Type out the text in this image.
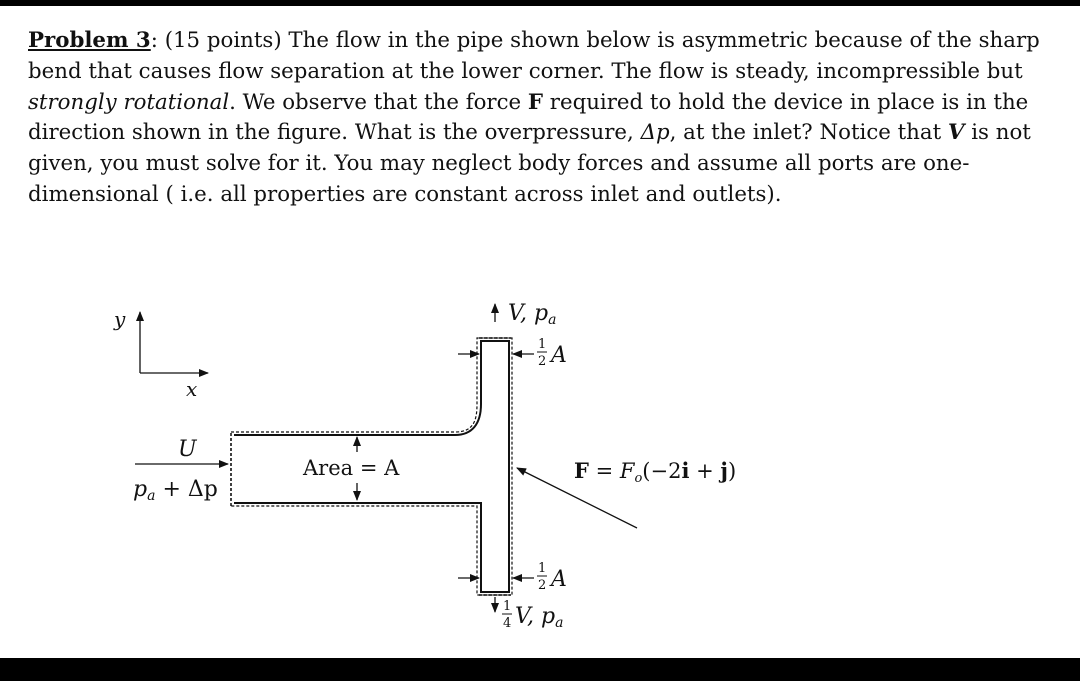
Problem 3: (15 points) The flow in the pipe shown below is asymmetric because of the sharp bend that causes flow separation at the lower corner. The flow is steady, incompressible but strongly rotational. We observe that the force F required to hold the device in place is in the direction shown in the figure. What is the overpressure, Δp, at the inlet? Notice that V is not given, you must solve for it. You may neglect body forces and assume all ports are one-dimensional ( i.e. all properties are constant across inlet and outlets).

y
x
U
pa + Δp
Area = A
V, pa
1
2 A
1
2 A
1
4 V, pa
F = Fo(−2i + j)
